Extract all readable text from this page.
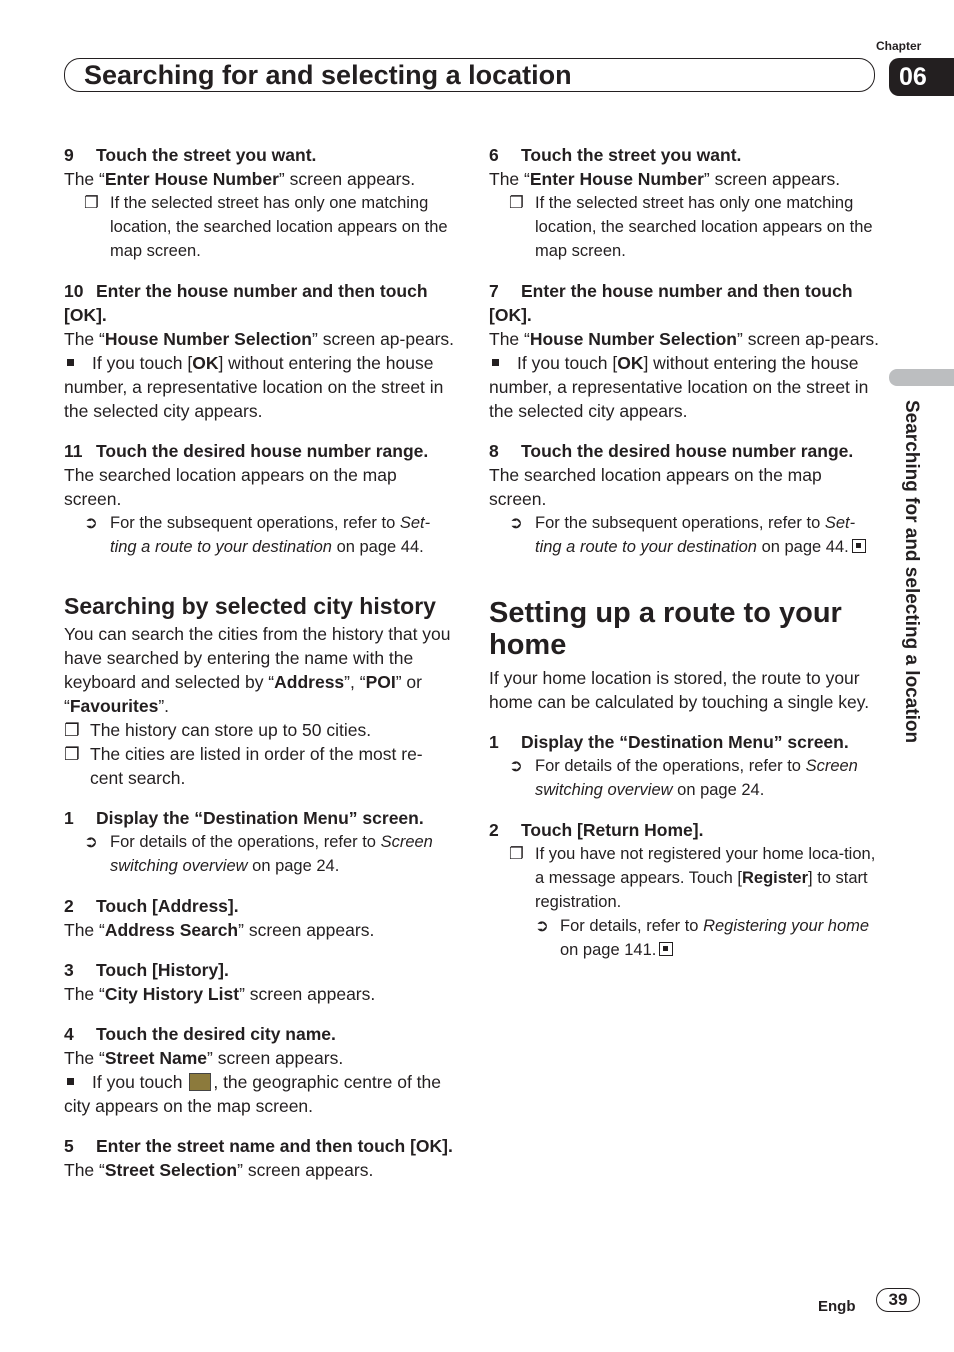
Chapter
06
Searching for and selecting a location
Searching for and selecting a location
9 Touch the street you want.
The “Enter House Number” screen appears.
❐ If the selected street has only one matching location, the searched location appears on the map screen.
10 Enter the house number and then touch [OK].
The “House Number Selection” screen ap-pears.
If you touch [OK] without entering the house number, a representative location on the street in the selected city appears.
11 Touch the desired house number range.
The searched location appears on the map screen.
➲ For the subsequent operations, refer to Set-ting a route to your destination on page 44.
Searching by selected city history
You can search the cities from the history that you have searched by entering the name with the keyboard and selected by “Address”, “POI” or “Favourites”.
❐ The history can store up to 50 cities.
❐ The cities are listed in order of the most re-cent search.
1 Display the “Destination Menu” screen.
➲ For details of the operations, refer to Screen switching overview on page 24.
2 Touch [Address].
The “Address Search” screen appears.
3 Touch [History].
The “City History List” screen appears.
4 Touch the desired city name.
The “Street Name” screen appears.
If you touch , the geographic centre of the city appears on the map screen.
5 Enter the street name and then touch [OK].
The “Street Selection” screen appears.
6 Touch the street you want.
The “Enter House Number” screen appears.
❐ If the selected street has only one matching location, the searched location appears on the map screen.
7 Enter the house number and then touch [OK].
The “House Number Selection” screen ap-pears.
If you touch [OK] without entering the house number, a representative location on the street in the selected city appears.
8 Touch the desired house number range.
The searched location appears on the map screen.
➲ For the subsequent operations, refer to Set-ting a route to your destination on page 44.
Setting up a route to your home
If your home location is stored, the route to your home can be calculated by touching a single key.
1 Display the “Destination Menu” screen.
➲ For details of the operations, refer to Screen switching overview on page 24.
2 Touch [Return Home].
❐ If you have not registered your home loca-tion, a message appears. Touch [Register] to start registration.
➲ For details, refer to Registering your home on page 141.
Engb	39
